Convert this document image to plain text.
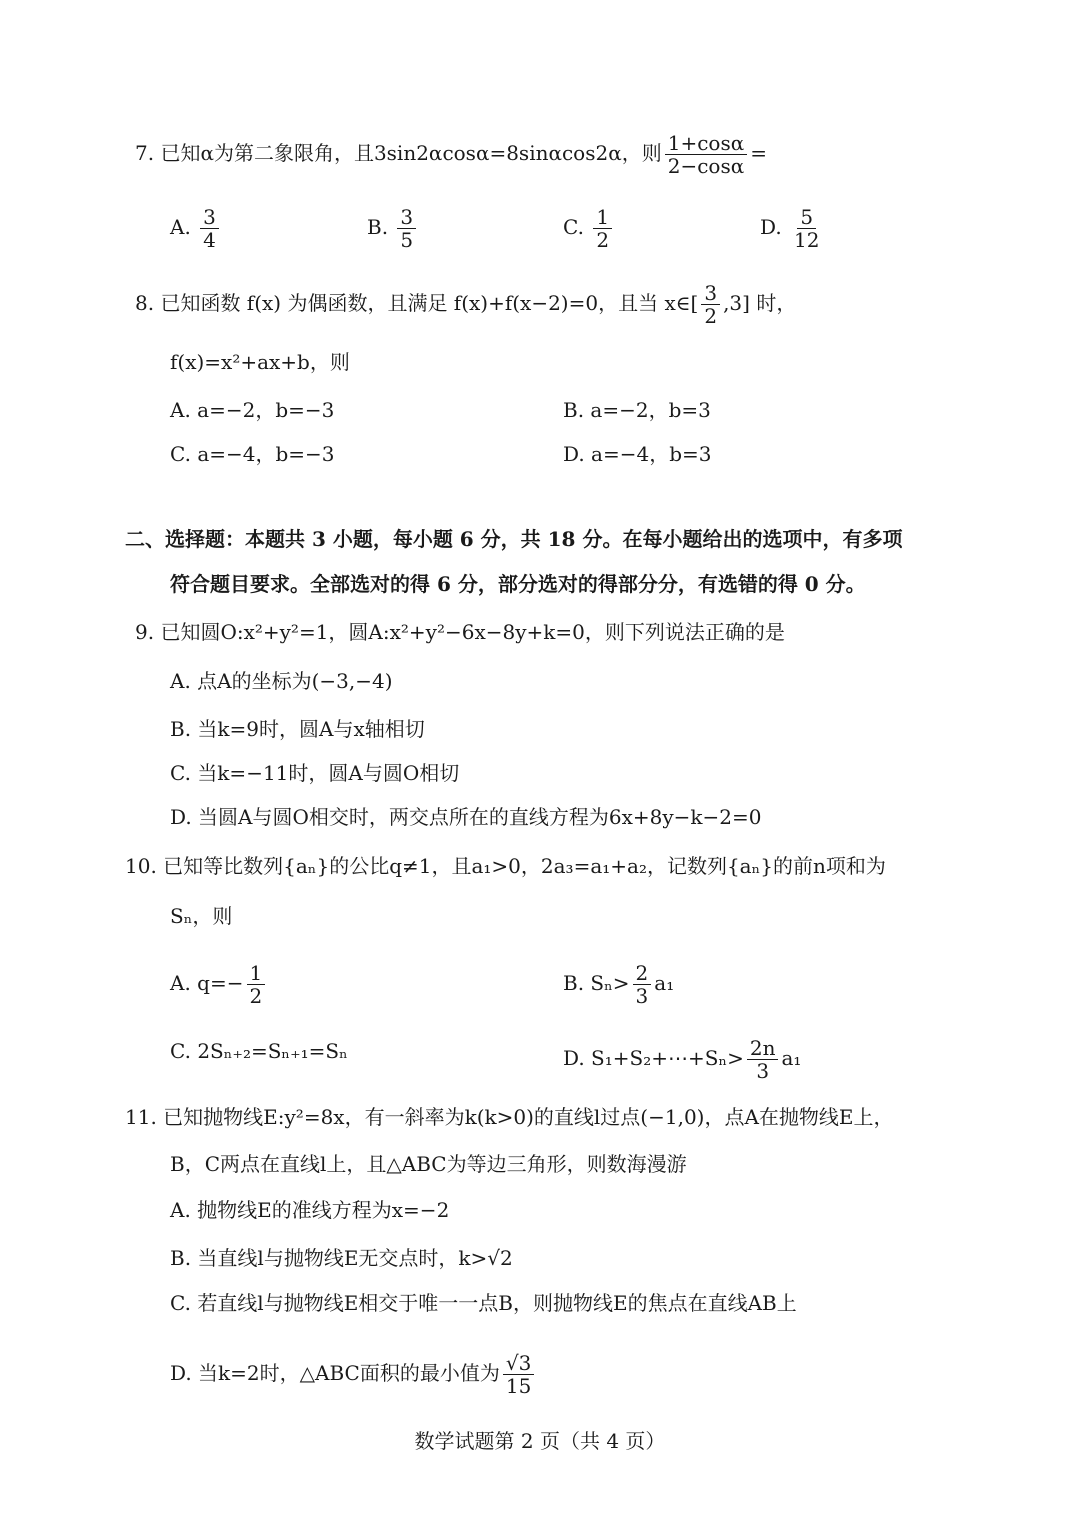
7. 已知α为第二象限角，且3sin2αcosα=8sinαcos2α，则 $\frac{1+\cos\alpha}{2-\cos\alpha}$ =
A. $\frac{3}{4}$	B. $\frac{3}{5}$	C. $\frac{1}{2}$	D. $\frac{5}{12}$
8. 已知函数 f(x) 为偶函数，且满足 f(x)+f(x−2)=0，且当 x∈[ $\frac{3}{2} ,3$] 时，
f(x)=x²+ax+b，则
A. a=−2，b=−3	B. a=−2，b=3
C. a=−4，b=−3	D. a=−4，b=3
二、选择题：本题共 3 小题，每小题 6 分，共 18 分。在每小题给出的选项中，有多项
符合题目要求。全部选对的得 6 分，部分选对的得部分分，有选错的得 0 分。
9. 已知圆O:x²+y²=1，圆A:x²+y²−6x−8y+k=0，则下列说法正确的是
A. 点A的坐标为(−3,−4)
B. 当k=9时，圆A与x轴相切
C. 当k=−11时，圆A与圆O相切
D. 当圆A与圆O相交时，两交点所在的直线方程为6x+8y−k−2=0
10. 已知等比数列{aₙ}的公比q≠1，且a₁>0，2a₃=a₁+a₂，记数列{aₙ}的前n项和为
Sₙ，则
A. $q=- \frac{1}{2}$	B. $S_n> \frac{2}{3} a_1$
C. 2Sₙ₊₂=Sₙ₊₁=Sₙ	D. S₁+S₂+⋯+Sₙ> $\frac{2n}{3} a_1$
11. 已知抛物线E:y²=8x，有一斜率为k(k>0)的直线l过点(−1,0)，点A在抛物线E上，
B，C两点在直线l上，且△ABC为等边三角形，则数海漫游
A. 抛物线E的准线方程为x=−2
B. 当直线l与抛物线E无交点时，k>√2
C. 若直线l与抛物线E相交于唯一一点B，则抛物线E的焦点在直线AB上
D. 当k=2时，△ABC面积的最小值为 $\frac{√3}{15}$
数学试题第 2 页（共 4 页）
